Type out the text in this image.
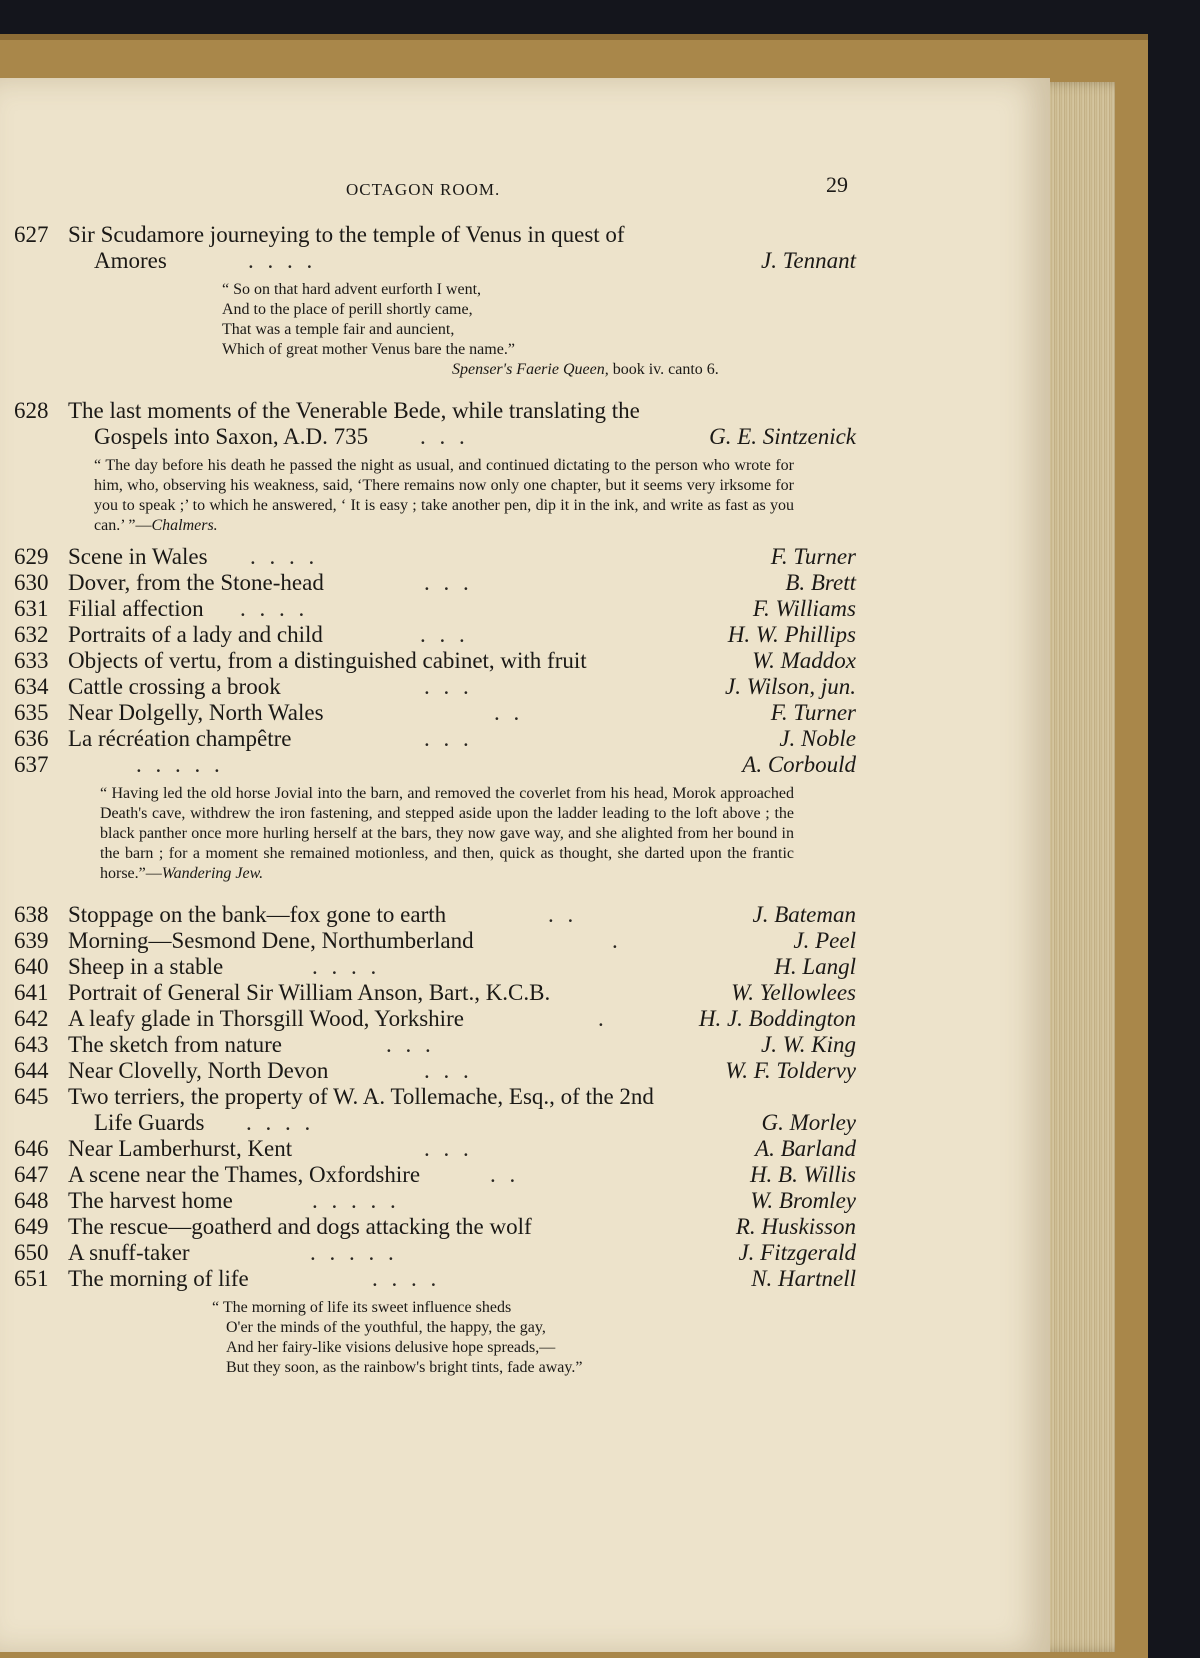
OCTAGON ROOM.	29
627 Sir Scudamore journeying to the temple of Venus in quest of
Amores	. . . .	J. Tennant
“ So on that hard advent eurforth I went,
And to the place of perill shortly came,
That was a temple fair and auncient,
Which of great mother Venus bare the name.”
Spenser's Faerie Queen, book iv. canto 6.
628 The last moments of the Venerable Bede, while translating the
Gospels into Saxon, A.D. 735 . . .	G. E. Sintzenick
“ The day before his death he passed the night as usual, and continued dictating to the person who wrote for him, who, observing his weakness, said, ‘There remains now only one chapter, but it seems very irksome for you to speak ;’ to which he answered, ‘ It is easy ; take another pen, dip it in the ink, and write as fast as you can.’ ”—Chalmers.
629 Scene in Wales . . . .	F. Turner
630 Dover, from the Stone-head	. . .	B. Brett
631 Filial affection . . . .	F. Williams
632 Portraits of a lady and child	. . .	H. W. Phillips
633 Objects of vertu, from a distinguished cabinet, with fruit	W. Maddox
634 Cattle crossing a brook	. . .	J. Wilson, jun.
635 Near Dolgelly, North Wales	. .	F. Turner
636 La récréation champêtre	. . .	J. Noble
637	. . . . .	A. Corbould
“ Having led the old horse Jovial into the barn, and removed the coverlet from his head, Morok approached Death's cave, withdrew the iron fastening, and stepped aside upon the ladder leading to the loft above ; the black panther once more hurling herself at the bars, they now gave way, and she alighted from her bound in the barn ; for a moment she remained motionless, and then, quick as thought, she darted upon the frantic horse.”—Wandering Jew.
638 Stoppage on the bank—fox gone to earth	. .	J. Bateman
639 Morning—Sesmond Dene, Northumberland	.	J. Peel
640 Sheep in a stable	. . . .	H. Langl
641 Portrait of General Sir William Anson, Bart., K.C.B.	W. Yellowlees
642 A leafy glade in Thorsgill Wood, Yorkshire	.	H. J. Boddington
643 The sketch from nature	. . .	J. W. King
644 Near Clovelly, North Devon	. . .	W. F. Toldervy
645 Two terriers, the property of W. A. Tollemache, Esq., of the 2nd
Life Guards . . . .	G. Morley
646 Near Lamberhurst, Kent	. . .	A. Barland
647 A scene near the Thames, Oxfordshire	. .	H. B. Willis
648 The harvest home	. . . . .	W. Bromley
649 The rescue—goatherd and dogs attacking the wolf	R. Huskisson
650 A snuff-taker	. . . . .	J. Fitzgerald
651 The morning of life	. . . .	N. Hartnell
“ The morning of life its sweet influence sheds
O'er the minds of the youthful, the happy, the gay,
And her fairy-like visions delusive hope spreads,—
But they soon, as the rainbow's bright tints, fade away.”
